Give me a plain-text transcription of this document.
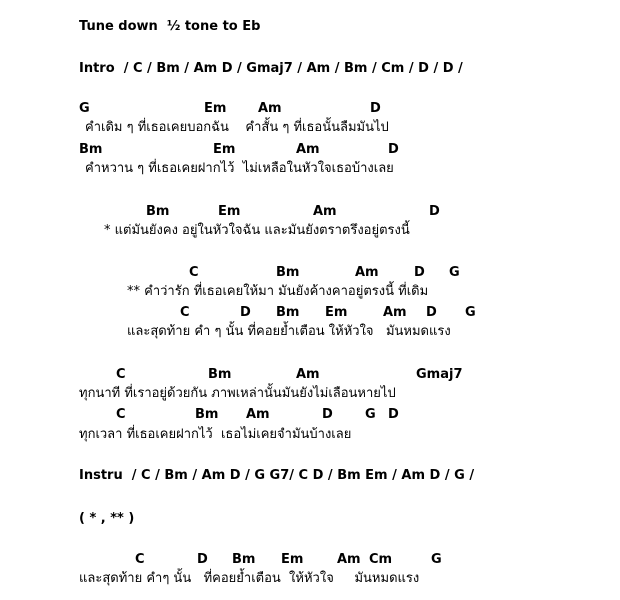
Tune down  ½ tone to Eb
Intro  / C / Bm / Am D / Gmaj7 / Am / Bm / Cm / D / D /
G	Em Am	D
คำเดิม ๆ ที่เธอเคยบอกฉัน    คำสั้น ๆ ที่เธอนั้นลืมมันไป
Bm	Em	Am	D
คำหวาน ๆ ที่เธอเคยฝากไว้  ไม่เหลือในหัวใจเธอบ้างเลย
Bm	Em	Am	D
* แต่มันยังคง อยู่ในหัวใจฉัน และมันยังตราตรึงอยู่ตรงนี้
C	Bm	Am	D G
** คำว่ารัก ที่เธอเคยให้มา มันยังค้างคาอยู่ตรงนี้ ที่เดิม
C	D Bm Em	Am D G
และสุดท้าย คำ ๆ นั้น ที่คอยย้ำเตือน ให้หัวใจ   มันหมดแรง
C	Bm	Am	Gmaj7
ทุกนาที ที่เราอยู่ด้วยกัน ภาพเหล่านั้นมันยังไม่เลือนหายไป
C	Bm Am	D G D
ทุกเวลา ที่เธอเคยฝากไว้  เธอไม่เคยจำมันบ้างเลย
Instru  / C / Bm / Am D / G G7/ C D / Bm Em / Am D / G /
( * , ** )
C	D Bm Em	Am Cm	G
และสุดท้าย คำๆ นั้น   ที่คอยย้ำเตือน  ให้หัวใจ     มันหมดแรง
